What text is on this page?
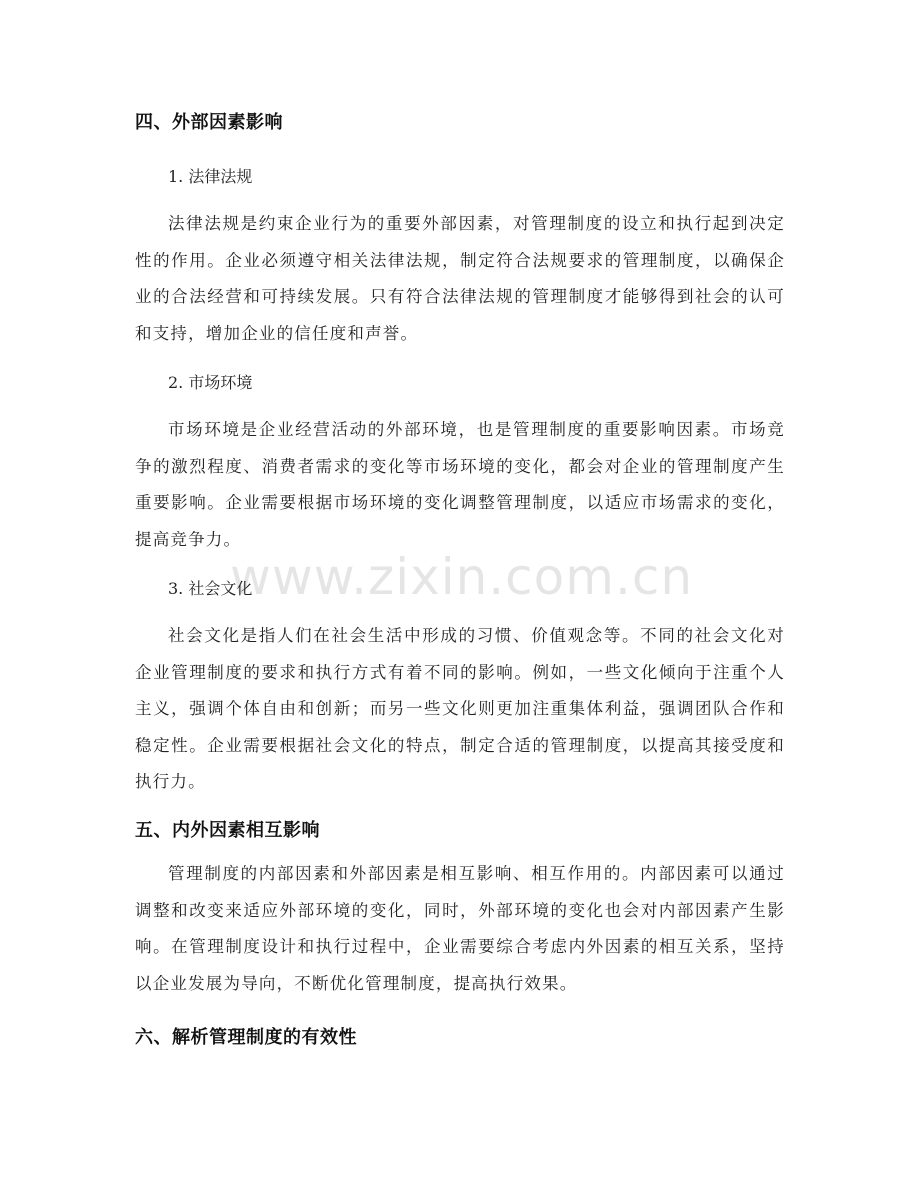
四、外部因素影响

1. 法律法规

法律法规是约束企业行为的重要外部因素，对管理制度的设立和执行起到决定性的作用。企业必须遵守相关法律法规，制定符合法规要求的管理制度，以确保企业的合法经营和可持续发展。只有符合法律法规的管理制度才能够得到社会的认可和支持，增加企业的信任度和声誉。

2. 市场环境

市场环境是企业经营活动的外部环境，也是管理制度的重要影响因素。市场竞争的激烈程度、消费者需求的变化等市场环境的变化，都会对企业的管理制度产生重要影响。企业需要根据市场环境的变化调整管理制度，以适应市场需求的变化，提高竞争力。

3. 社会文化

社会文化是指人们在社会生活中形成的习惯、价值观念等。不同的社会文化对企业管理制度的要求和执行方式有着不同的影响。例如，一些文化倾向于注重个人主义，强调个体自由和创新；而另一些文化则更加注重集体利益，强调团队合作和稳定性。企业需要根据社会文化的特点，制定合适的管理制度，以提高其接受度和执行力。

五、内外因素相互影响

管理制度的内部因素和外部因素是相互影响、相互作用的。内部因素可以通过调整和改变来适应外部环境的变化，同时，外部环境的变化也会对内部因素产生影响。在管理制度设计和执行过程中，企业需要综合考虑内外因素的相互关系，坚持以企业发展为导向，不断优化管理制度，提高执行效果。

六、解析管理制度的有效性
www.zixin.com.cn
